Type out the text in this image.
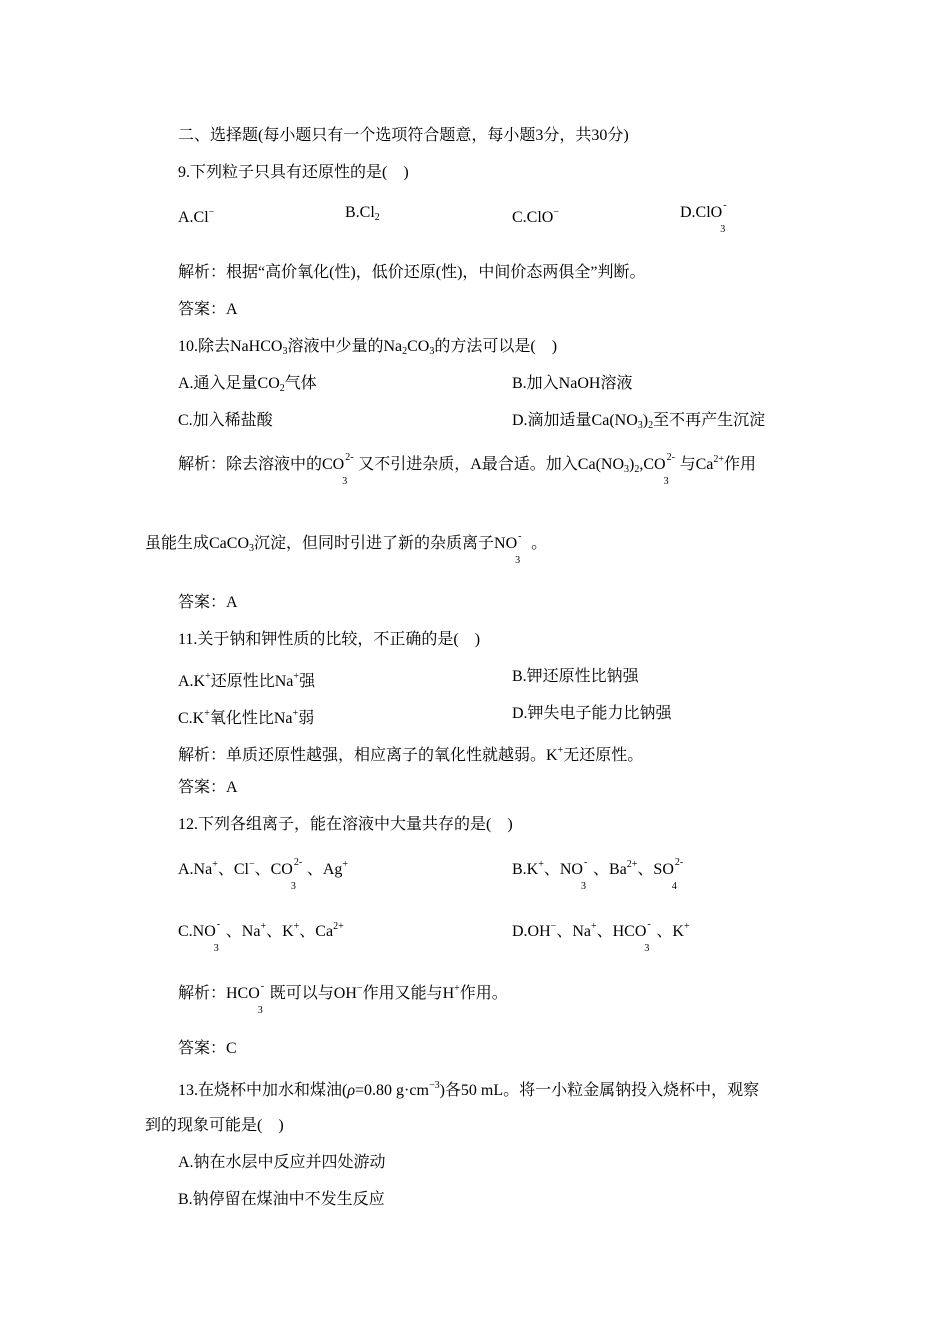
二、选择题(每小题只有一个选项符合题意，每小题3分，共30分)
9.下列粒子只具有还原性的是(　)
A.Cl−	$B.Cl_2$	C.ClO−	D.ClO -
3
解析：根据“高价氧化(性)，低价还原(性)，中间价态两俱全”判断。
答案：A
10.除去NaHCO$_3$溶液中少量的$Na_2CO_3$的方法可以是(　)
A.通入足量$CO_2$气体	B.加入NaOH溶液
C.加入稀盐酸	D.滴加适量$Ca(NO_3)_2$至不再产生沉淀
解析：除去溶液中的CO 2-
3
又不引进杂质，A最合适。加入$Ca(NO_3)_2,CO$ 2-
3
与$Ca^{2+}$作用
虽能生成CaCO$_3$沉淀，但同时引进了新的杂质离子NO -
3
。
答案：A
11.关于钠和钾性质的比较，不正确的是(　)
A.K+还原性比Na+强	B.钾还原性比钠强
C.K+氧化性比Na+弱	D.钾失电子能力比钠强
解析：单质还原性越强，相应离子的氧化性就越弱。K+无还原性。
答案：A
12.下列各组离子，能在溶液中大量共存的是(　)
A.Na+、Cl−、CO 2-
3
、Ag+	B.K+、NO -
3
、$Ba^{2+}$、SO 2-
4
C.NO -
3
、Na+、K+、$Ca^{2+}$	D.OH−、Na+、HCO -
3
、K+
解析：HCO -
3
既可以与OH−作用又能与H+作用。
答案：C
13.在烧杯中加水和煤油(ρ=0.80 $g\cdot cm^{-3}$)各50 mL。将一小粒金属钠投入烧杯中，观察
到的现象可能是(　)
A.钠在水层中反应并四处游动
B.钠停留在煤油中不发生反应
